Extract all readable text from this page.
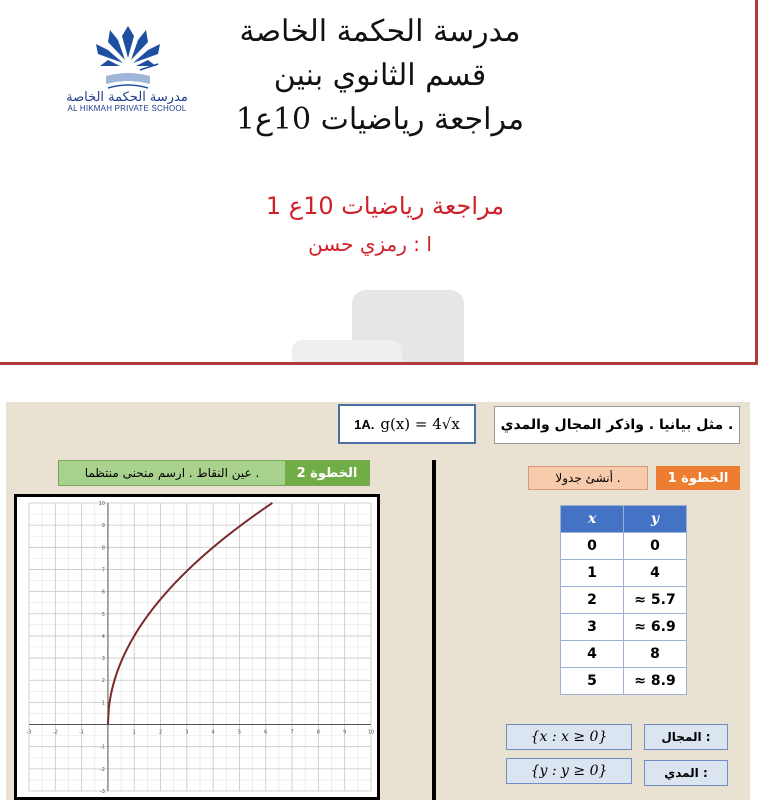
مدرسة الحكمة الخاصة
AL HIKMAH PRIVATE SCHOOL
مدرسة الحكمة الخاصة
قسم الثانوي بنين
مراجعة رياضيات 10ع1
مراجعة رياضيات 10ع 1
ا : رمزي حسن
مثل بيانيا . واذكر المجال والمدي .
1A. g(x) = 4√x
عين النقاط . ارسم منحنى منتظما .	الخطوة 2	أنشئ جدولا .	الخطوة 1
-3	-2	-1	1	2	3	4	5	6	7	8	9	10
-3
-2
-1
1
2
3
4
5
6
7
8
9
10
x	y
0	0
1	4
2	≈ 5.7
3	≈ 6.9
4	8
5	≈ 8.9
{x : x ≥ 0}	المجال :
{y : y ≥ 0}	المدي :
